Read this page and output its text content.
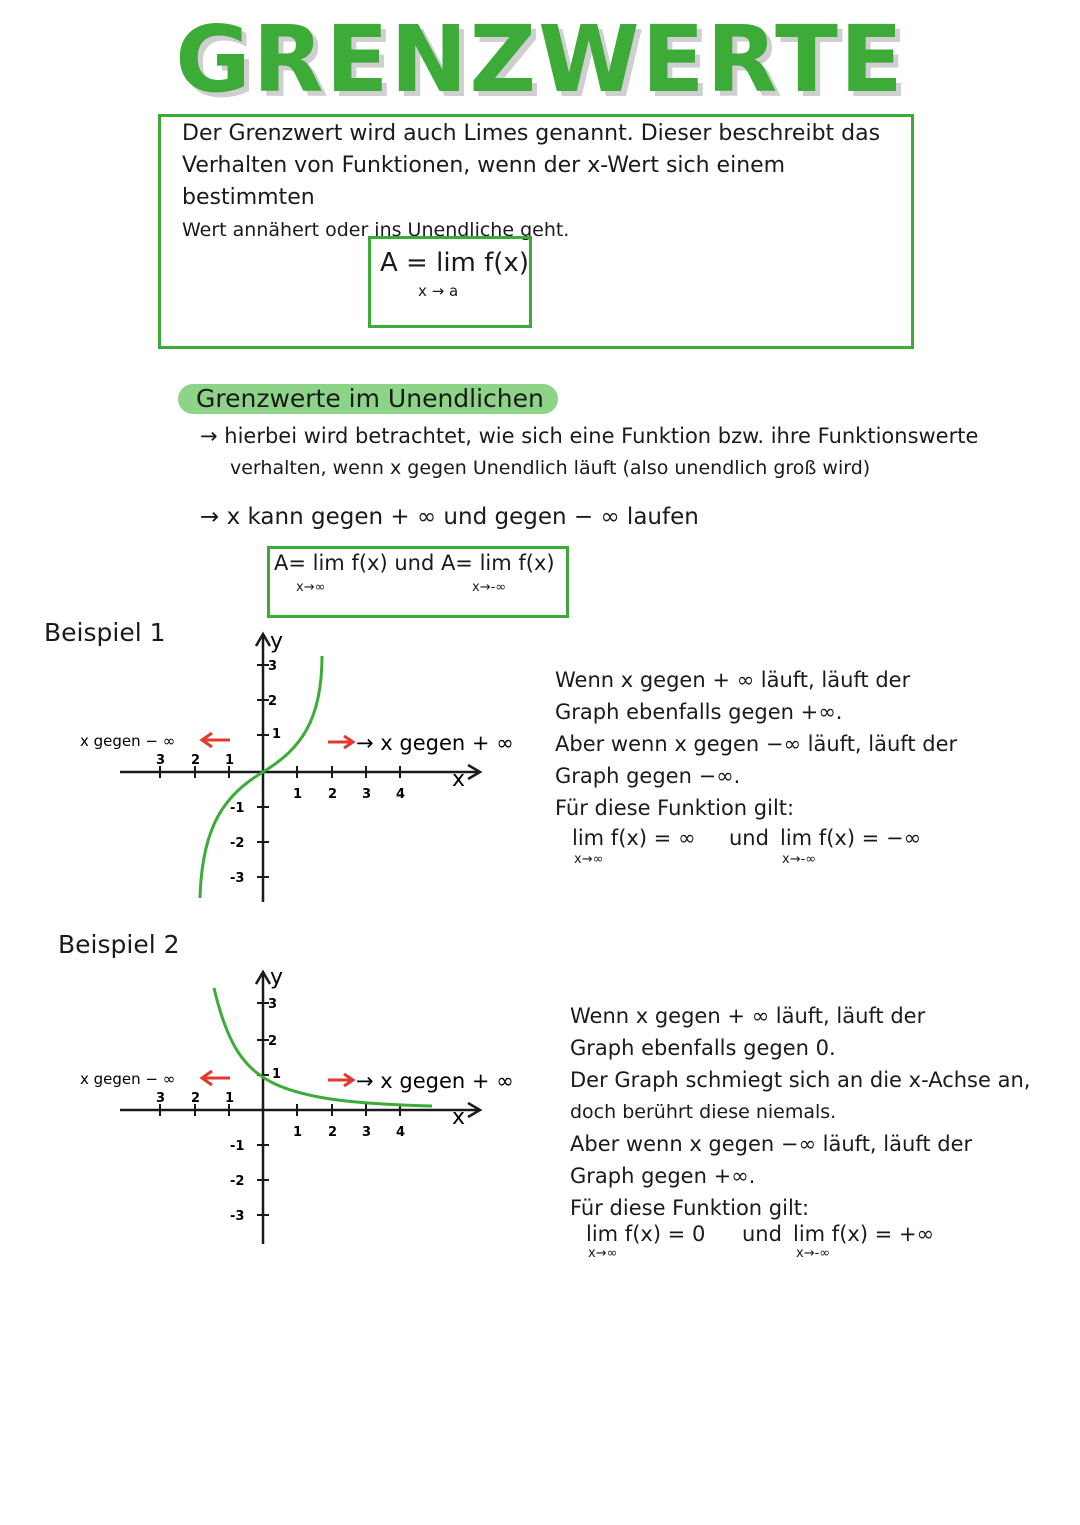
GRENZWERTE
Der Grenzwert wird auch Limes genannt. Dieser beschreibt das
Verhalten von Funktionen, wenn der x-Wert sich einem bestimmten
Wert annähert oder ins Unendliche geht.
A = lim f(x)
x → a
Grenzwerte im Unendlichen
→ hierbei wird betrachtet, wie sich eine Funktion bzw. ihre Funktionswerte
verhalten, wenn x gegen Unendlich läuft (also unendlich groß wird)
→ x kann gegen + ∞ und gegen − ∞ laufen
A= lim f(x) und A= lim f(x)
x→∞	x→-∞
Beispiel 1	y
x
1 2 3 4
3 2 1
3
2
1
-1
-2
-3
x gegen − ∞	→ x gegen + ∞
Wenn x gegen + ∞ läuft, läuft der
Graph ebenfalls gegen +∞.
Aber wenn x gegen −∞ läuft, läuft der
Graph gegen −∞.
Für diese Funktion gilt:
lim f(x) = ∞
x→∞
und lim f(x) = −∞
x→-∞
Beispiel 2
y
x
1 2 3 4
3 2 1
3
2
1
-1
-2
-3
x gegen − ∞	→ x gegen + ∞
Wenn x gegen + ∞ läuft, läuft der
Graph ebenfalls gegen 0.
Der Graph schmiegt sich an die x-Achse an,
doch berührt diese niemals.
Aber wenn x gegen −∞ läuft, läuft der
Graph gegen +∞.
Für diese Funktion gilt:
lim f(x) = 0
x→∞
und lim f(x) = +∞
x→-∞
